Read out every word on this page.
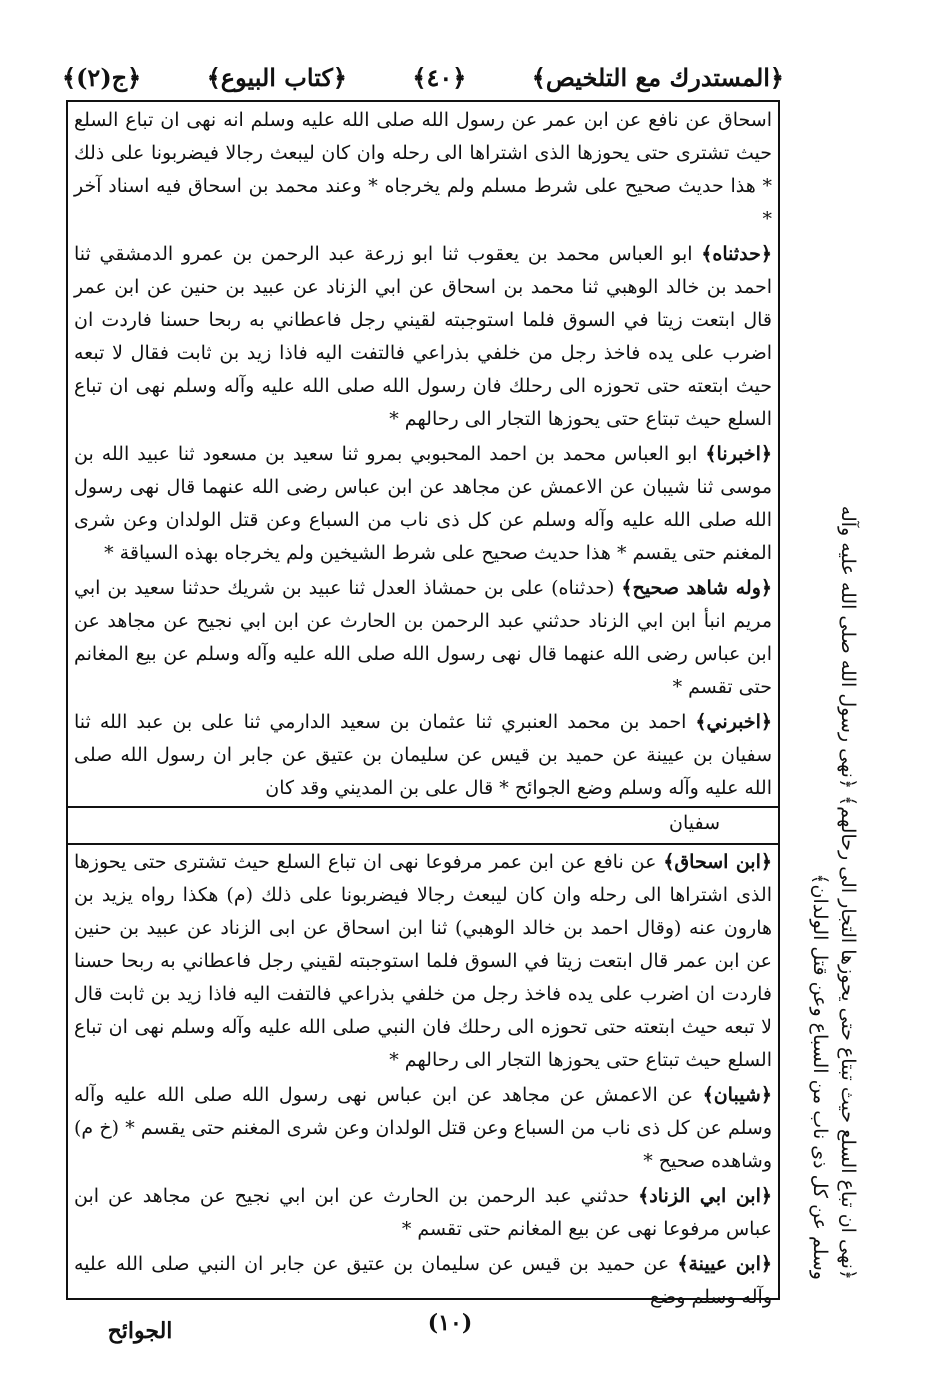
﴿المستدرك مع التلخيص﴾
﴿٤٠﴾
﴿كتاب البيوع﴾
﴿ج(٢)﴾

اسحاق عن نافع عن ابن عمر عن رسول الله صلى الله عليه وسلم انه نهى ان تباع السلع حيث تشترى حتى يحوزها الذى اشتراها الى رحله وان كان ليبعث رجالا فيضربونا على ذلك * هذا حديث صحيح على شرط مسلم ولم يخرجاه * وعند محمد بن اسحاق فيه اسناد آخر *

﴿حدثناه﴾ ابو العباس محمد بن يعقوب ثنا ابو زرعة عبد الرحمن بن عمرو الدمشقي ثنا احمد بن خالد الوهبي ثنا محمد بن اسحاق عن ابي الزناد عن عبيد بن حنين عن ابن عمر قال ابتعت زيتا في السوق فلما استوجبته لقيني رجل فاعطاني به ربحا حسنا فاردت ان اضرب على يده فاخذ رجل من خلفي بذراعي فالتفت اليه فاذا زيد بن ثابت فقال لا تبعه حيث ابتعته حتى تحوزه الى رحلك فان رسول الله صلى الله عليه وآله وسلم نهى ان تباع السلع حيث تبتاع حتى يحوزها التجار الى رحالهم *

﴿اخبرنا﴾ ابو العباس محمد بن احمد المحبوبي بمرو ثنا سعيد بن مسعود ثنا عبيد الله بن موسى ثنا شيبان عن الاعمش عن مجاهد عن ابن عباس رضى الله عنهما قال نهى رسول الله صلى الله عليه وآله وسلم عن كل ذى ناب من السباع وعن قتل الولدان وعن شرى المغنم حتى يقسم * هذا حديث صحيح على شرط الشيخين ولم يخرجاه بهذه السياقة *

﴿وله شاهد صحيح﴾ (حدثناه) على بن حمشاذ العدل ثنا عبيد بن شريك حدثنا سعيد بن ابي مريم انبأ ابن ابي الزناد حدثني عبد الرحمن بن الحارث عن ابن ابي نجيح عن مجاهد عن ابن عباس رضى الله عنهما قال نهى رسول الله صلى الله عليه وآله وسلم عن بيع المغانم حتى تقسم *

﴿اخبرني﴾ احمد بن محمد العنبري ثنا عثمان بن سعيد الدارمي ثنا على بن عبد الله ثنا سفيان بن عيينة عن حميد بن قيس عن سليمان بن عتيق عن جابر ان رسول الله صلى الله عليه وآله وسلم وضع الجوائح * قال على بن المديني وقد كان

سفيان

﴿ابن اسحاق﴾ عن نافع عن ابن عمر مرفوعا نهى ان تباع السلع حيث تشترى حتى يحوزها الذى اشتراها الى رحله وان كان ليبعث رجالا فيضربونا على ذلك (م) هكذا رواه يزيد بن هارون عنه (وقال احمد بن خالد الوهبي) ثنا ابن اسحاق عن ابى الزناد عن عبيد بن حنين عن ابن عمر قال ابتعت زيتا في السوق فلما استوجبته لقيني رجل فاعطاني به ربحا حسنا فاردت ان اضرب على يده فاخذ رجل من خلفي بذراعي فالتفت اليه فاذا زيد بن ثابت قال لا تبعه حيث ابتعته حتى تحوزه الى رحلك فان النبي صلى الله عليه وآله وسلم نهى ان تباع السلع حيث تبتاع حتى يحوزها التجار الى رحالهم *

﴿شيبان﴾ عن الاعمش عن مجاهد عن ابن عباس نهى رسول الله صلى الله عليه وآله وسلم عن كل ذى ناب من السباع وعن قتل الولدان وعن شرى المغنم حتى يقسم * (خ م) وشاهده صحيح *

﴿ابن ابي الزناد﴾ حدثني عبد الرحمن بن الحارث عن ابن ابي نجيح عن مجاهد عن ابن عباس مرفوعا نهى عن بيع المغانم حتى تقسم *

﴿ابن عيينة﴾ عن حميد بن قيس عن سليمان بن عتيق عن جابر ان النبي صلى الله عليه وآله وسلم وضع

﴿نهى ان تباع السلع حيث تبتاع حتى يحوزها التجار الى رحالهم﴾ ﴿نهى رسول الله صلى الله عليه وآله وسلم عن كل ذى ناب من السباع وعن قتل الولدان﴾
(١٠)
الجوائح
